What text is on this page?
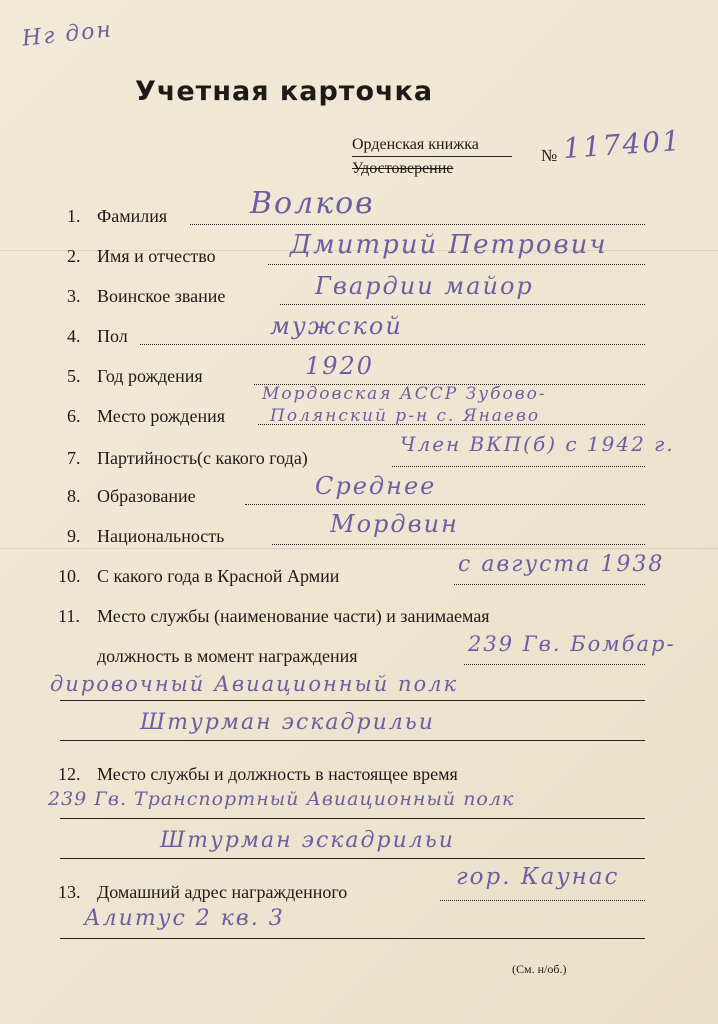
Нг дон
Учетная карточка
Орденская книжка
Удостоверение
№ 117401
1. Фамилия	Волков
2. Имя и отчество	Дмитрий Петрович
3. Воинское звание	Гвардии майор
4. Пол	мужской
5. Год рождения	1920
6. Место рождения
Мордовская АССР Зубово-
Полянский р-н с. Янаево
7. Партийность(с какого года)
Член ВКП(б) с 1942 г.
8. Образование	Среднее
9. Национальность	Мордвин
10. С какого года в Красной Армии	с августа 1938
11. Место службы (наименование части) и занимаемая
должность в момент награждения	239 Гв. Бомбар-
дировочный Авиационный полк
Штурман эскадрильи
12. Место службы и должность в настоящее время
239 Гв. Транспортный Авиационный полк
Штурман эскадрильи
13. Домашний адрес награжденного
гор. Каунас
Алитус 2 кв. 3
(См. н/об.)
